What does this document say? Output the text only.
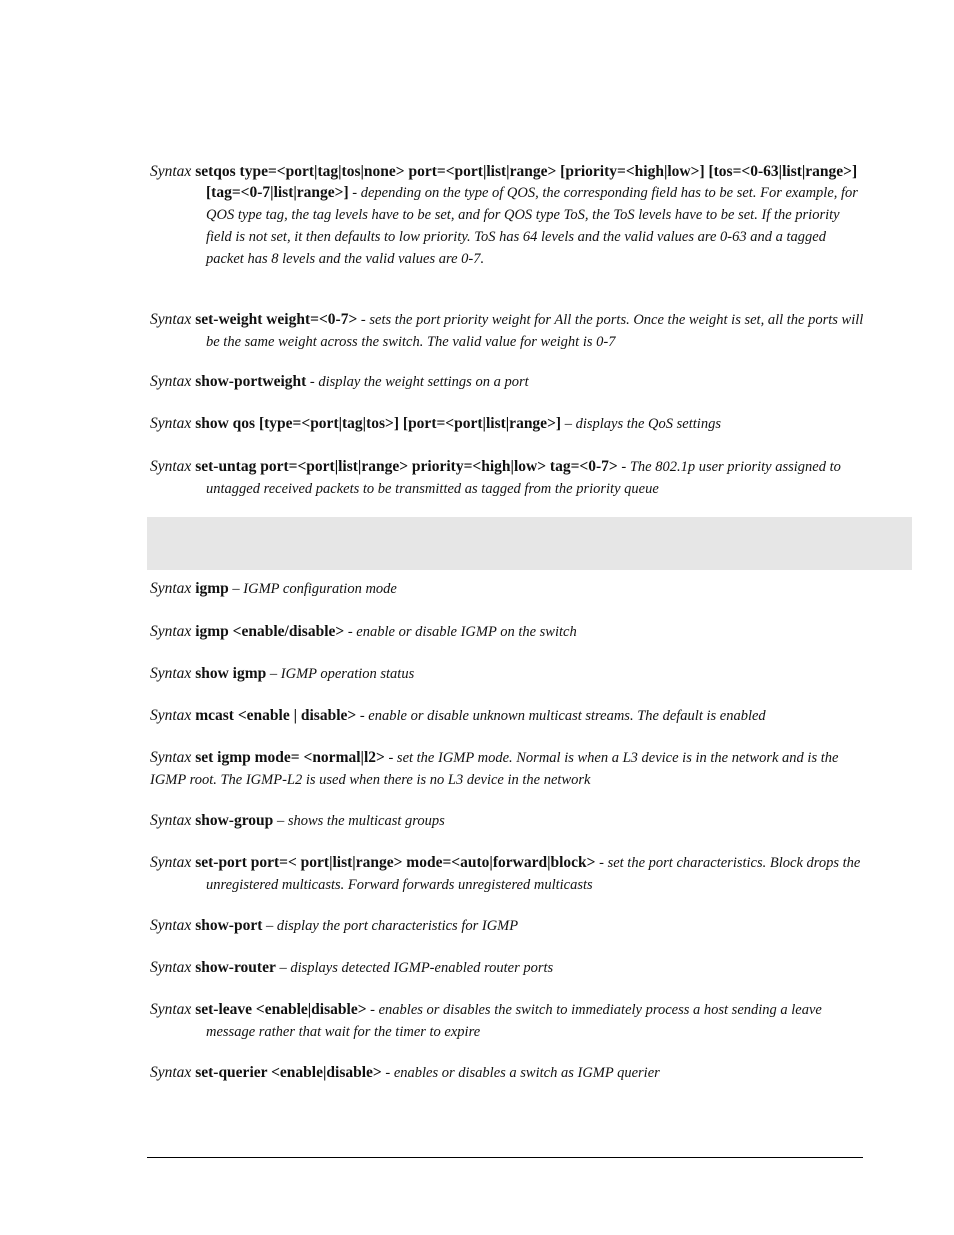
Syntax setqos type=<port|tag|tos|none> port=<port|list|range> [priority=<high|low>] [tos=<0-63|list|range>][tag=<0-7|list|range>] - depending on the type of QOS, the corresponding field has to be set. For example, for QOS type tag, the tag levels have to be set, and for QOS type ToS, the ToS levels have to be set. If the priority field is not set, it then defaults to low priority. ToS has 64 levels and the valid values are 0-63 and a tagged packet has 8 levels and the valid values are 0-7.

Syntax set-weight weight=<0-7> - sets the port priority weight for All the ports. Once the weight is set, all the ports will be the same weight across the switch. The valid value for weight is 0-7

Syntax show-portweight - display the weight settings on a port

Syntax show qos [type=<port|tag|tos>] [port=<port|list|range>] – displays the QoS settings

Syntax set-untag port=<port|list|range> priority=<high|low> tag=<0-7> - The 802.1p user priority assigned to untagged received packets to be transmitted as tagged from the priority queue

Syntax igmp – IGMP configuration mode

Syntax igmp <enable/disable> - enable or disable IGMP on the switch

Syntax show igmp – IGMP operation status

Syntax mcast <enable | disable> - enable or disable unknown multicast streams. The default is enabled

Syntax set igmp mode= <normal|l2> - set the IGMP mode. Normal is when a L3 device is in the network and is the IGMP root. The IGMP-L2 is used when there is no L3 device in the network

Syntax show-group – shows the multicast groups

Syntax set-port port=< port|list|range> mode=<auto|forward|block> - set the port characteristics. Block drops the unregistered multicasts. Forward forwards unregistered multicasts

Syntax show-port – display the port characteristics for IGMP

Syntax show-router – displays detected IGMP-enabled router ports

Syntax set-leave <enable|disable> - enables or disables the switch to immediately process a host sending a leave message rather that wait for the timer to expire

Syntax set-querier <enable|disable> - enables or disables a switch as IGMP querier
